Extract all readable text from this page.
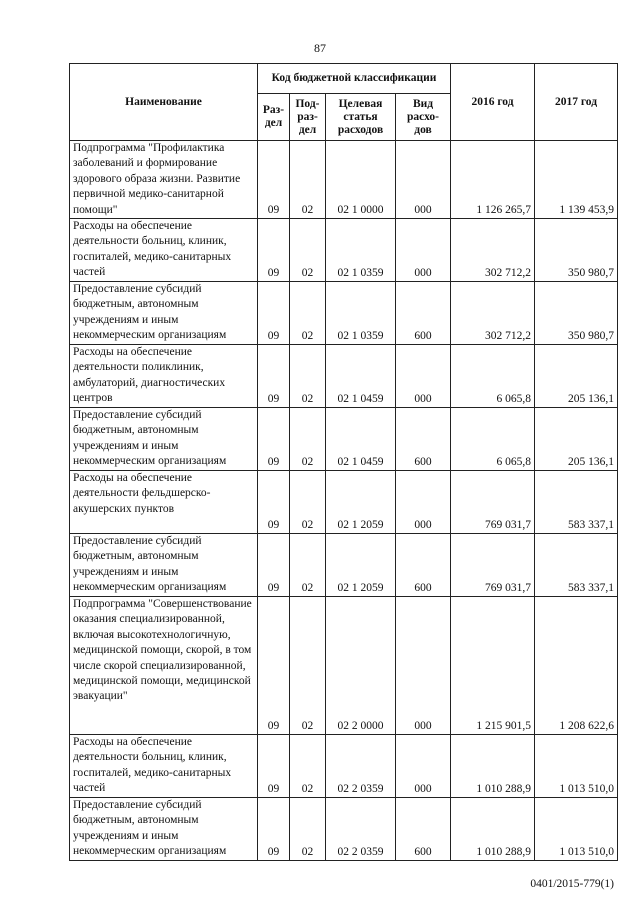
87
Наименование	Код бюджетной классификации				2016 год	2017 год
	Раз-дел	Под-раз-дел	Целевая статья расходов	Вид расхо-дов		
Подпрограмма "Профилактика заболеваний и формирование здорового образа жизни. Развитие первичной медико-санитарной помощи"	09	02	02 1 0000	000	1 126 265,7	1 139 453,9
Расходы на обеспечение деятельности больниц, клиник, госпиталей, медико-санитарных частей	09	02	02 1 0359	000	302 712,2	350 980,7
Предоставление субсидий бюджетным, автономным учреждениям и иным некоммерческим организациям	09	02	02 1 0359	600	302 712,2	350 980,7
Расходы на обеспечение деятельности поликлиник, амбулаторий, диагностических центров	09	02	02 1 0459	000	6 065,8	205 136,1
Предоставление субсидий бюджетным, автономным учреждениям и иным некоммерческим организациям	09	02	02 1 0459	600	6 065,8	205 136,1
Расходы на обеспечение деятельности фельдшерско-акушерских пунктов	09	02	02 1 2059	000	769 031,7	583 337,1
Предоставление субсидий бюджетным, автономным учреждениям и иным некоммерческим организациям	09	02	02 1 2059	600	769 031,7	583 337,1
Подпрограмма "Совершенствование оказания специализированной, включая высокотехнологичную, медицинской помощи, скорой, в том числе скорой специализированной, медицинской помощи, медицинской эвакуации"	09	02	02 2 0000	000	1 215 901,5	1 208 622,6
Расходы на обеспечение деятельности больниц, клиник, госпиталей, медико-санитарных частей	09	02	02 2 0359	000	1 010 288,9	1 013 510,0
Предоставление субсидий бюджетным, автономным учреждениям и иным некоммерческим организациям	09	02	02 2 0359	600	1 010 288,9	1 013 510,0
0401/2015-779(1)
